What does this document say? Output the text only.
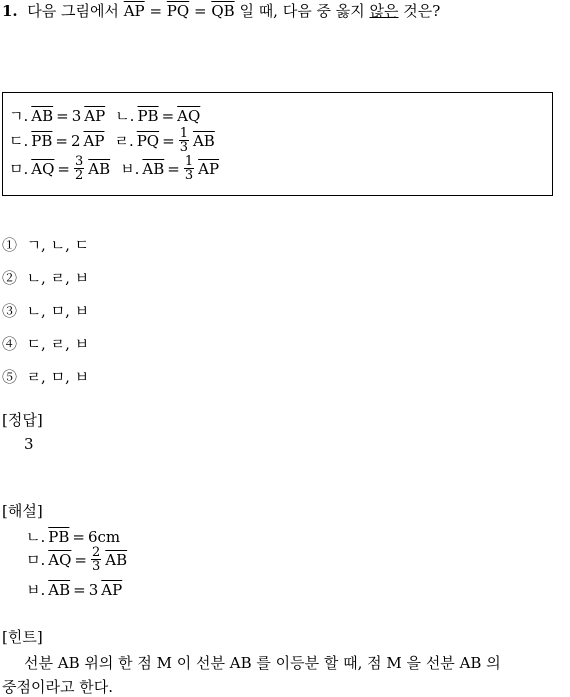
1. 다음 그림에서 $\overline{AP} = \overline{PQ} = \overline{QB}$ 일 때, 다음 중 옳지 않은 것은?
ㄱ. $\overline{AB} = 3$ $\overline{AP}$ ㄴ. $\overline{PB} = \overline{AQ}$
ㄷ. $\overline{PB} = 2$ $\overline{AP}$ ㄹ. $\overline{PQ} = \frac{1}{3} \overline{AB}$
ㅁ. $\overline{AQ} = \frac{3}{2} \overline{AB}$ ㅂ. $\overline{AB} = \frac{1}{3} \overline{AP}$
① ㄱ, ㄴ, ㄷ
② ㄴ, ㄹ, ㅂ
③ ㄴ, ㅁ, ㅂ
④ ㄷ, ㄹ, ㅂ
⑤ ㄹ, ㅁ, ㅂ
[정답]
3
[해설]
ㄴ. $\overline{PB} = 6cm$
ㅁ. $\overline{AQ} = \frac{2}{3} \overline{AB}$
ㅂ. $\overline{AB} = 3$ $\overline{AP}$
[힌트]
선분 AB 위의 한 점 M 이 선분 AB 를 이등분 할 때, 점 M 을 선분 AB 의
중점이라고 한다.
